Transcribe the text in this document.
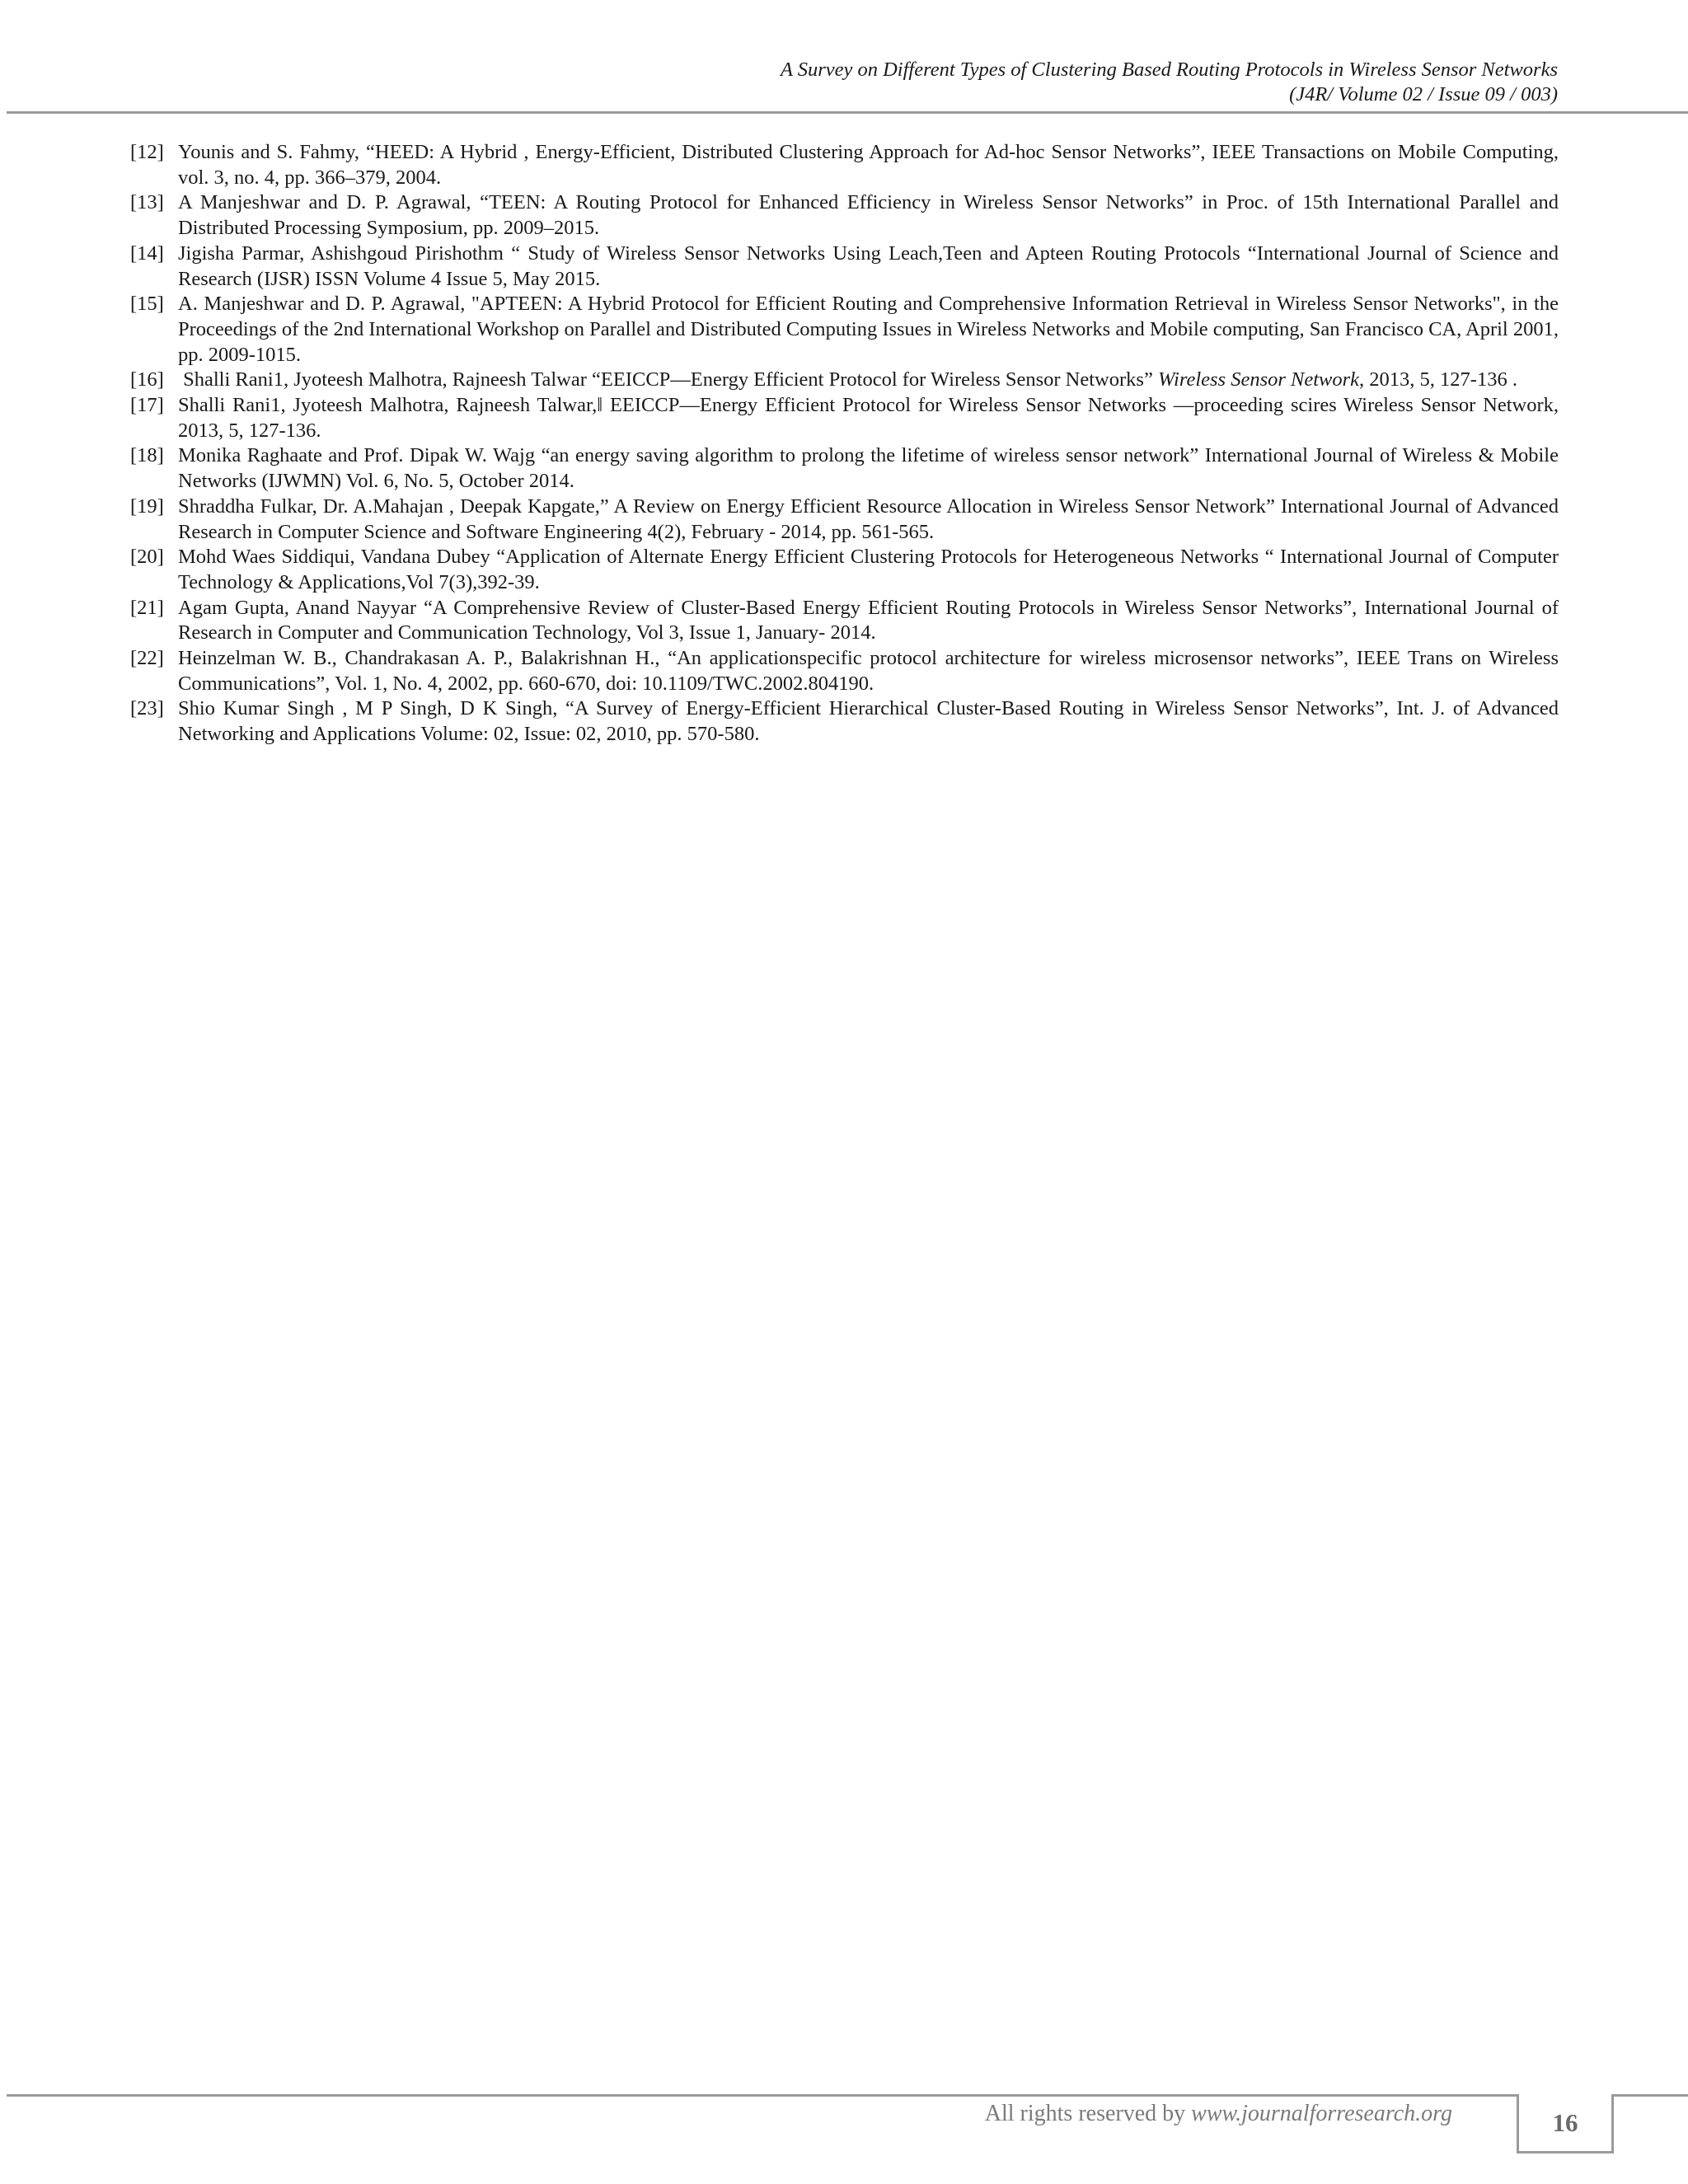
A Survey on Different Types of Clustering Based Routing Protocols in Wireless Sensor Networks
(J4R/ Volume 02 / Issue 09 / 003)
[12] Younis and S. Fahmy, “HEED: A Hybrid , Energy-Efficient, Distributed Clustering Approach for Ad-hoc Sensor Networks”, IEEE Transactions on Mobile Computing, vol. 3, no. 4, pp. 366–379, 2004.
[13] A Manjeshwar and D. P. Agrawal, “TEEN: A Routing Protocol for Enhanced Efficiency in Wireless Sensor Networks” in Proc. of 15th International Parallel and Distributed Processing Symposium, pp. 2009–2015.
[14] Jigisha Parmar, Ashishgoud Pirishothm “ Study of Wireless Sensor Networks Using Leach,Teen and Apteen Routing Protocols “International Journal of Science and Research (IJSR) ISSN Volume 4 Issue 5, May 2015.
[15] A. Manjeshwar and D. P. Agrawal, "APTEEN: A Hybrid Protocol for Efficient Routing and Comprehensive Information Retrieval in Wireless Sensor Networks", in the Proceedings of the 2nd International Workshop on Parallel and Distributed Computing Issues in Wireless Networks and Mobile computing, San Francisco CA, April 2001, pp. 2009-1015.
[16] Shalli Rani1, Jyoteesh Malhotra, Rajneesh Talwar “EEICCP—Energy Efficient Protocol for Wireless Sensor Networks” Wireless Sensor Network, 2013, 5, 127-136 .
[17] Shalli Rani1, Jyoteesh Malhotra, Rajneesh Talwar,‖ EEICCP—Energy Efficient Protocol for Wireless Sensor Networks ―proceeding scires Wireless Sensor Network, 2013, 5, 127-136.
[18] Monika Raghaate and Prof. Dipak W. Wajg “an energy saving algorithm to prolong the lifetime of wireless sensor network” International Journal of Wireless & Mobile Networks (IJWMN) Vol. 6, No. 5, October 2014.
[19] Shraddha Fulkar, Dr. A.Mahajan , Deepak Kapgate,” A Review on Energy Efficient Resource Allocation in Wireless Sensor Network” International Journal of Advanced Research in Computer Science and Software Engineering 4(2), February - 2014, pp. 561-565.
[20] Mohd Waes Siddiqui, Vandana Dubey “Application of Alternate Energy Efficient Clustering Protocols for Heterogeneous Networks “ International Journal of Computer Technology & Applications,Vol 7(3),392-39.
[21] Agam Gupta, Anand Nayyar “A Comprehensive Review of Cluster-Based Energy Efficient Routing Protocols in Wireless Sensor Networks”, International Journal of Research in Computer and Communication Technology, Vol 3, Issue 1, January- 2014.
[22] Heinzelman W. B., Chandrakasan A. P., Balakrishnan H., “An applicationspecific protocol architecture for wireless microsensor networks”, IEEE Trans on Wireless Communications”, Vol. 1, No. 4, 2002, pp. 660-670, doi: 10.1109/TWC.2002.804190.
[23] Shio Kumar Singh , M P Singh, D K Singh, “A Survey of Energy-Efficient Hierarchical Cluster-Based Routing in Wireless Sensor Networks”, Int. J. of Advanced Networking and Applications Volume: 02, Issue: 02, 2010, pp. 570-580.
All rights reserved by www.journalforresearch.org	16
